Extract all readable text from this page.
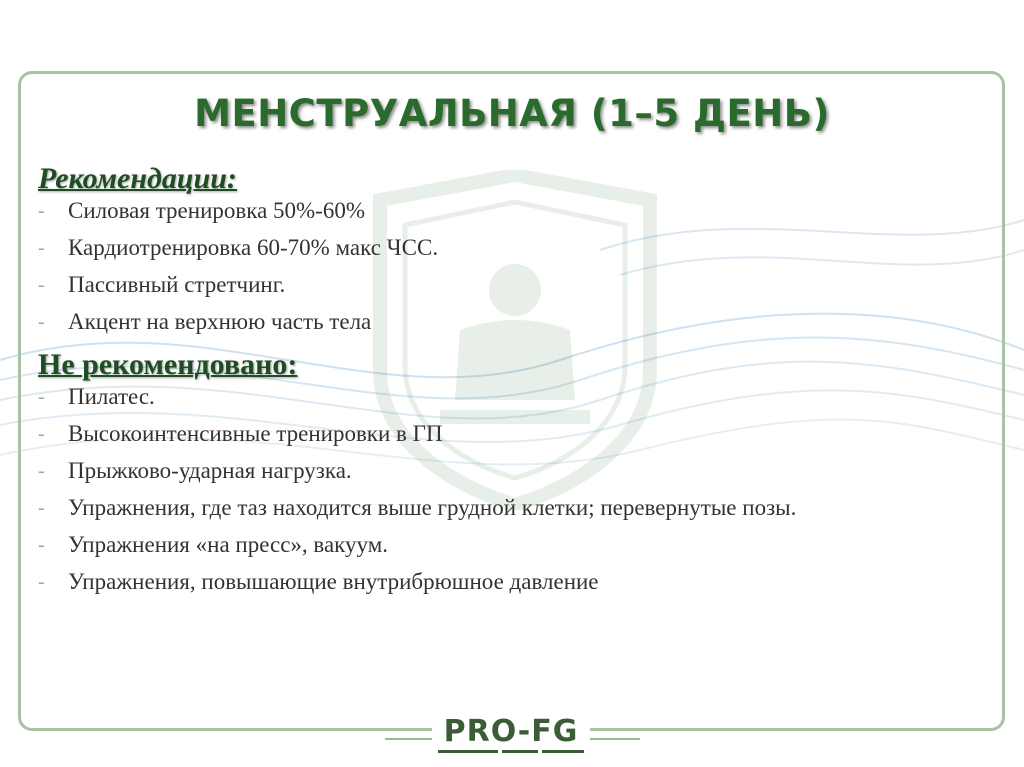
МЕНСТРУАЛЬНАЯ (1–5 ДЕНЬ)
Рекомендации:
- Силовая тренировка 50%-60%
- Кардиотренировка 60-70% макс ЧСС.
- Пассивный стретчинг.
- Акцент на верхнюю часть тела
Не рекомендовано:
- Пилатес.
- Высокоинтенсивные тренировки в ГП
- Прыжково-ударная нагрузка.
- Упражнения, где таз находится выше грудной клетки; перевернутые позы.
- Упражнения «на пресс», вакуум.
- Упражнения, повышающие внутрибрюшное давление
PRO-FG
